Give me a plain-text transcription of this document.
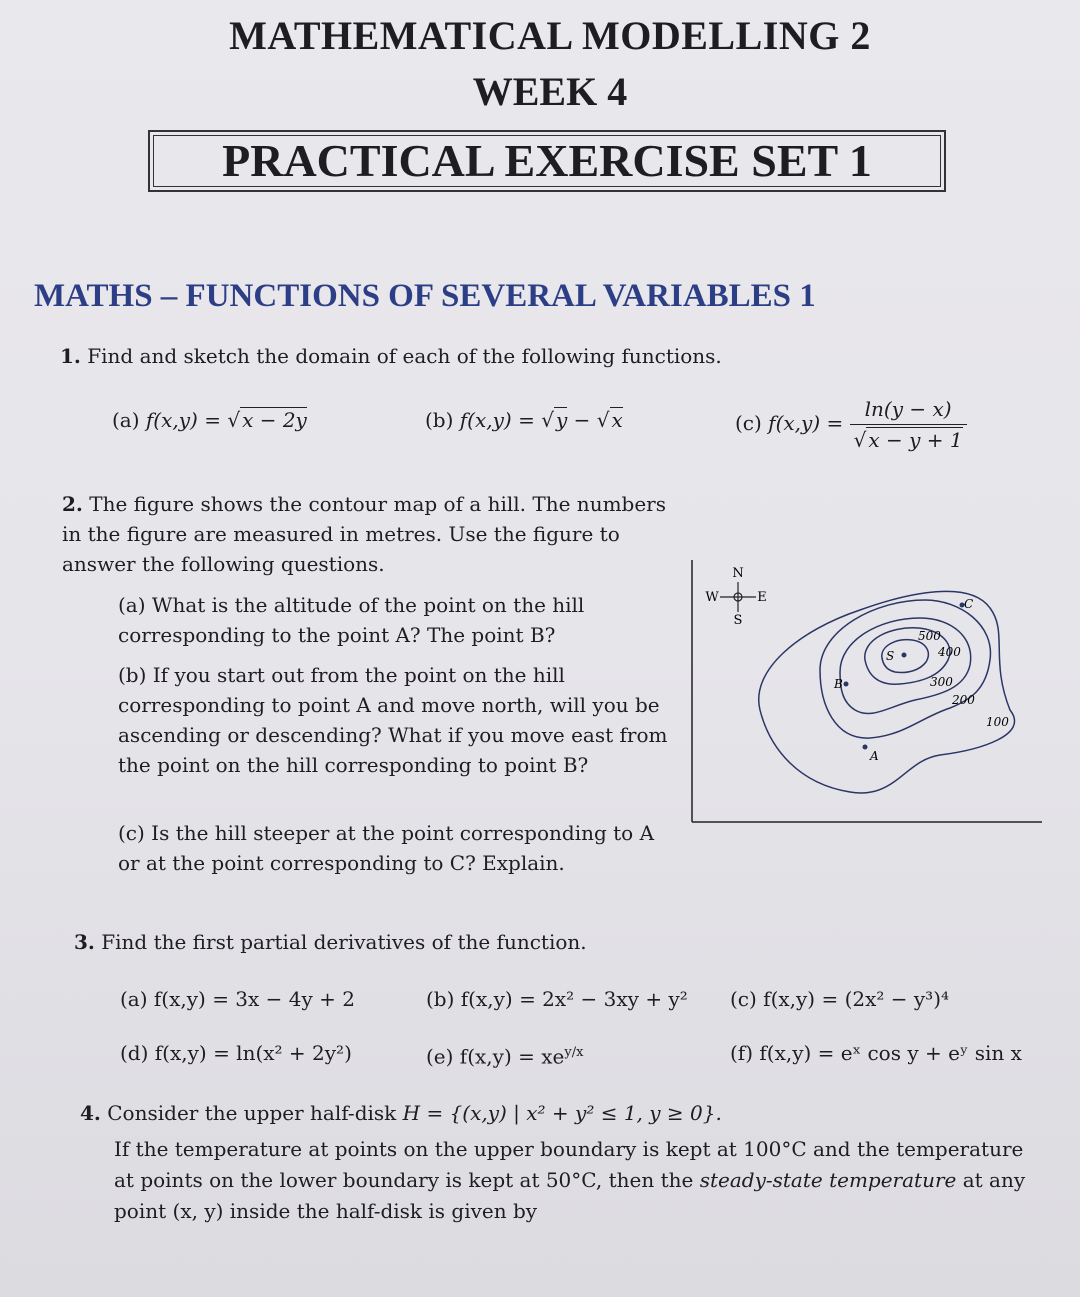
MATHEMATICAL MODELLING 2
WEEK 4
PRACTICAL EXERCISE SET 1
MATHS – FUNCTIONS OF SEVERAL VARIABLES 1
1. Find and sketch the domain of each of the following functions.
(a) f(x,y) = √ x − 2y	(b) f(x,y) = √ y − √ x	(c) $f(x,y) = \frac{\ln(y - x)}{√ x - y + 1}$
2. The figure shows the contour map of a hill. The numbers in the figure are measured in metres. Use the figure to answer the following questions.
(a) What is the altitude of the point on the hill corresponding to the point A? The point B?
(b) If you start out from the point on the hill corresponding to point A and move north, will you be ascending or descending? What if you move east from the point on the hill corresponding to point B?
(c) Is the hill steeper at the point corresponding to A or at the point corresponding to C? Explain.
N
S
W	E
500
400
300
200
100
S
B
A
C
3. Find the first partial derivatives of the function.
(a) f(x,y) = 3x − 4y + 2	(b) f(x,y) = 2x² − 3xy + y² (c) f(x,y) = (2x² − y³)⁴
(d) f(x,y) = ln(x² + 2y²)	(e) $f(x,y) = xe^{y/x}$	(f) f(x,y) = eˣ cos y + eʸ sin x
4. Consider the upper half-disk H = {(x,y) | x² + y² ≤ 1, y ≥ 0}.
If the temperature at points on the upper boundary is kept at 100°C and the temperature at points on the lower boundary is kept at 50°C, then the steady-state temperature at any point (x, y) inside the half-disk is given by
